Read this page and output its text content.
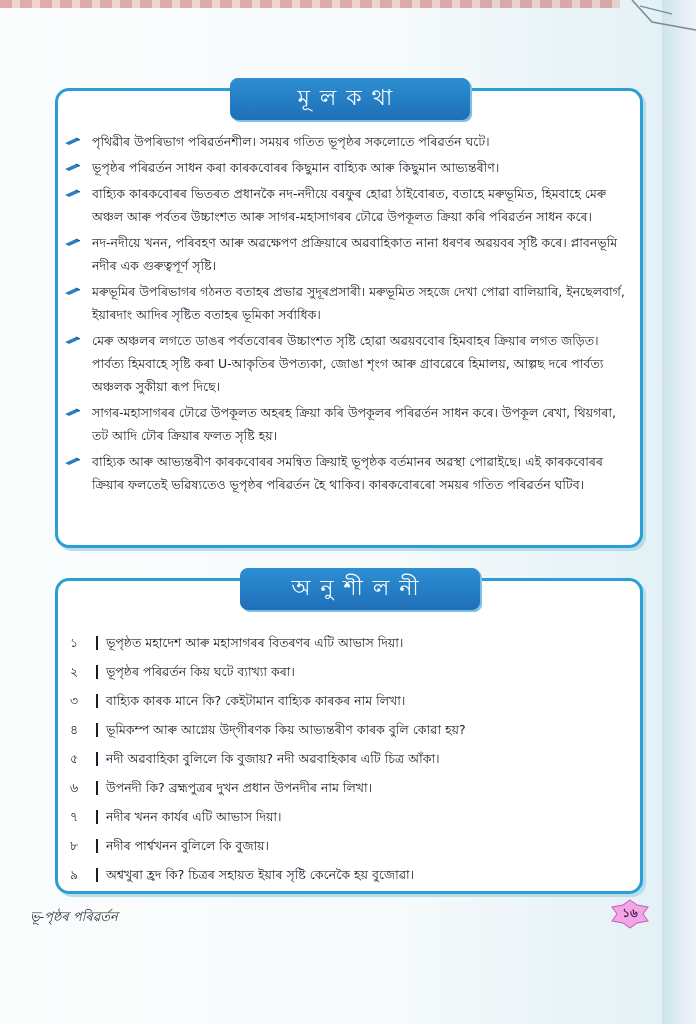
মূলকথা
পৃথিৱীৰ উপৰিভাগ পৰিৱৰ্তনশীল। সময়ৰ গতিত ভূপৃষ্ঠৰ সকলোতে পৰিৱৰ্তন ঘটে।
ভূপৃষ্ঠৰ পৰিৱৰ্তন সাধন কৰা কাৰকবোৰৰ কিছুমান বাহ্যিক আৰু কিছুমান আভ্যন্তৰীণ।
বাহ্যিক কাৰকবোৰৰ ভিতৰত প্ৰধানকৈ নদ-নদীয়ে বৰফুৰ হোৱা ঠাইবোৰত, বতাহে মৰুভূমিত, হিমবাহে মেৰু অঞ্চল আৰু পৰ্বতৰ উচ্চাংশত আৰু সাগৰ-মহাসাগৰৰ ঢৌৱে উপকূলত ক্ৰিয়া কৰি পৰিৱৰ্তন সাধন কৰে।
নদ-নদীয়ে খনন, পৰিবহণ আৰু অৱক্ষেপণ প্ৰক্ৰিয়াৰে অৱবাহিকাত নানা ধৰণৰ অৱয়বৰ সৃষ্টি কৰে। প্লাবনভূমি নদীৰ এক গুৰুত্বপূৰ্ণ সৃষ্টি।
মৰুভূমিৰ উপৰিভাগৰ গঠনত বতাহৰ প্ৰভাৱ সুদূৰপ্ৰসাৰী। মৰুভূমিত সহজে দেখা পোৱা বালিয়াৰি, ইনছেলবাৰ্গ, ইয়াৰদাং আদিৰ সৃষ্টিত বতাহৰ ভূমিকা সৰ্বাধিক।
মেৰু অঞ্চলৰ লগতে ডাঙৰ পৰ্বতবোৰৰ উচ্চাংশত সৃষ্টি হোৱা অৱয়ববোৰ হিমবাহৰ ক্ৰিয়াৰ লগত জড়িত। পাৰ্বত্য হিমবাহে সৃষ্টি কৰা U-আকৃতিৰ উপত্যকা, জোঙা শৃংগ আৰু গ্ৰাবৱেৰে হিমালয়, আল্পছ দৰে পাৰ্বত্য অঞ্চলক সুকীয়া ৰূপ দিছে।
সাগৰ-মহাসাগৰৰ ঢৌৱে উপকূলত অহৰহ ক্ৰিয়া কৰি উপকূলৰ পৰিৱৰ্তন সাধন কৰে। উপকূল ৰেখা, থিয়গৰা, তট আদি ঢৌৰ ক্ৰিয়াৰ ফলত সৃষ্টি হয়।
বাহ্যিক আৰু আভ্যন্তৰীণ কাৰকবোৰৰ সমন্বিত ক্ৰিয়াই ভূপৃষ্ঠক বৰ্তমানৰ অৱস্থা পোৱাইছে। এই কাৰকবোৰৰ ক্ৰিয়াৰ ফলতেই ভৱিষ্যতেও ভূপৃষ্ঠৰ পৰিৱৰ্তন হৈ থাকিব। কাৰকবোৰৰো সময়ৰ গতিত পৰিৱৰ্তন ঘটিব।
অনুশীলনী
১	ভূপৃষ্ঠত মহাদেশ আৰু মহাসাগৰৰ বিতৰণৰ এটি আভাস দিয়া।
২	ভূপৃষ্ঠৰ পৰিৱৰ্তন কিয় ঘটে ব্যাখ্যা কৰা।
৩	বাহ্যিক কাৰক মানে কি? কেইটামান বাহ্যিক কাৰকৰ নাম লিখা।
৪	ভূমিকম্প আৰু আগ্নেয় উদ্‌গীৰণক কিয় আভ্যন্তৰীণ কাৰক বুলি কোৱা হয়?
৫	নদী অৱবাহিকা বুলিলে কি বুজায়? নদী অৱবাহিকাৰ এটি চিত্ৰ আঁকা।
৬	উপনদী কি? ব্ৰহ্মপুত্ৰৰ দুখন প্ৰধান উপনদীৰ নাম লিখা।
৭	নদীৰ খনন কাৰ্যৰ এটি আভাস দিয়া।
৮	নদীৰ পাৰ্শ্বখনন বুলিলে কি বুজায়।
৯	অশ্বখুৰা হ্ৰদ কি? চিত্ৰৰ সহায়ত ইয়াৰ সৃষ্টি কেনেকৈ হয় বুজোৱা।
ভূ-পৃষ্ঠৰ পৰিৱৰ্তন	১৬
